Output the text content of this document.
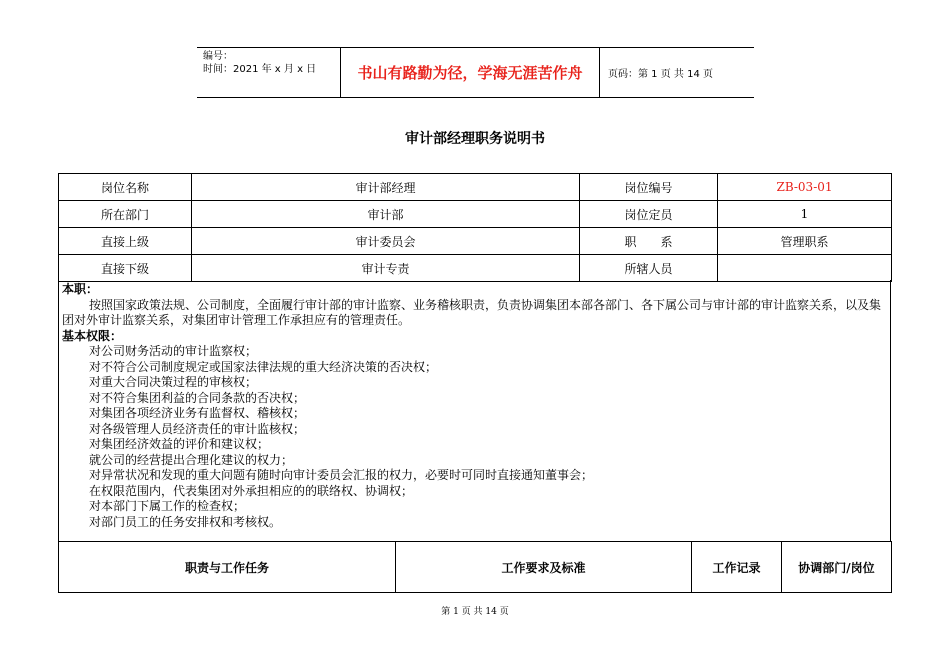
编号：
时间：2021 年 x 月 x 日	书山有路勤为径，学海无涯苦作舟	页码：第 1 页 共 14 页
审计部经理职务说明书
岗位名称	审计部经理	岗位编号	ZB-03-01
所在部门	审计部	岗位定员	1
直接上级	审计委员会	职　　系	管理职系
直接下级	审计专责	所辖人员	
本职：
按照国家政策法规、公司制度，全面履行审计部的审计监察、业务稽核职责，负责协调集团本部各部门、各下属公司与审计部的审计监察关系，以及集团对外审计监察关系，对集团审计管理工作承担应有的管理责任。
基本权限：
对公司财务活动的审计监察权；
对不符合公司制度规定或国家法律法规的重大经济决策的否决权；
对重大合同决策过程的审核权；
对不符合集团利益的合同条款的否决权；
对集团各项经济业务有监督权、稽核权；
对各级管理人员经济责任的审计监核权；
对集团经济效益的评价和建议权；
就公司的经营提出合理化建议的权力；
对异常状况和发现的重大问题有随时向审计委员会汇报的权力，必要时可同时直接通知董事会；
在权限范围内，代表集团对外承担相应的的联络权、协调权；
对本部门下属工作的检查权；
对部门员工的任务安排权和考核权。
职责与工作任务	工作要求及标准	工作记录	协调部门/岗位
第 1 页 共 14 页
